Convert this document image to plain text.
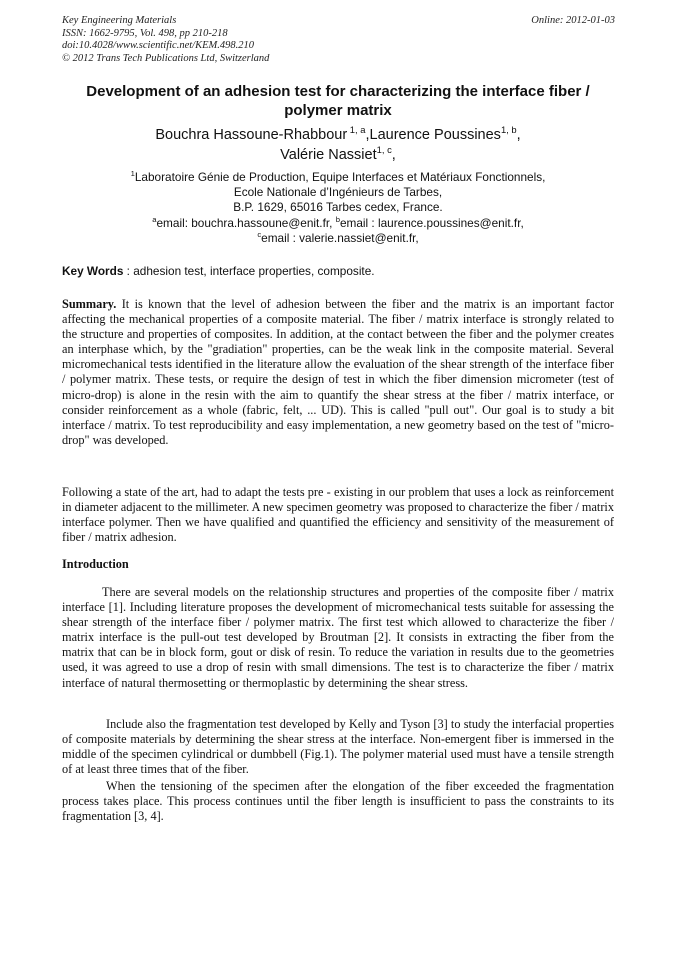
Key Engineering Materials
ISSN: 1662-9795, Vol. 498, pp 210-218
doi:10.4028/www.scientific.net/KEM.498.210
© 2012 Trans Tech Publications Ltd, Switzerland
Online: 2012-01-03
Development of an adhesion test for characterizing the interface fiber / polymer matrix
Bouchra Hassoune-Rhabbour $^{1, a}$,Laurence Poussines$^{1, b}$,
Valérie Nassiet$^{1, c}$,
$^1$Laboratoire Génie de Production, Equipe Interfaces et Matériaux Fonctionnels,
Ecole Nationale d’Ingénieurs de Tarbes,
B.P. 1629, 65016 Tarbes cedex, France.
$^a$email: bouchra.hassoune@enit.fr, $^b$email : laurence.poussines@enit.fr,
$^c$email : valerie.nassiet@enit.fr,
Key Words : adhesion test, interface properties, composite.
Summary. It is known that the level of adhesion between the fiber and the matrix is an important factor affecting the mechanical properties of a composite material. The fiber / matrix interface is strongly related to the structure and properties of composites. In addition, at the contact between the fiber and the polymer creates an interphase which, by the "gradiation" properties, can be the weak link in the composite material. Several micromechanical tests identified in the literature allow the evaluation of the shear strength of the interface fiber / polymer matrix. These tests, or require the design of test in which the fiber dimension micrometer (test of micro-drop) is alone in the resin with the aim to quantify the shear stress at the fiber / matrix interface, or consider reinforcement as a whole (fabric, felt, ... UD). This is called "pull out". Our goal is to study a bit interface / matrix. To test reproducibility and easy implementation, a new geometry based on the test of "micro-drop" was developed.
Following a state of the art, had to adapt the tests pre - existing in our problem that uses a lock as reinforcement in diameter adjacent to the millimeter. A new specimen geometry was proposed to characterize the fiber / matrix interface polymer. Then we have qualified and quantified the efficiency and sensitivity of the measurement of fiber / matrix adhesion.
Introduction
There are several models on the relationship structures and properties of the composite fiber / matrix interface [1]. Including literature proposes the development of micromechanical tests suitable for assessing the shear strength of the interface fiber / polymer matrix. The first test which allowed to characterize the fiber / matrix interface is the pull-out test developed by Broutman [2]. It consists in extracting the fiber from the matrix that can be in block form, gout or disk of resin. To reduce the variation in results due to the geometries used, it was agreed to use a drop of resin with small dimensions. The test is to characterize the fiber / matrix interface of natural thermosetting or thermoplastic by determining the shear stress.
Include also the fragmentation test developed by Kelly and Tyson [3] to study the interfacial properties of composite materials by determining the shear stress at the interface. Non-emergent fiber is immersed in the middle of the specimen cylindrical or dumbbell (Fig.1). The polymer material used must have a tensile strength of at least three times that of the fiber.
When the tensioning of the specimen after the elongation of the fiber exceeded the fragmentation process takes place. This process continues until the fiber length is insufficient to pass the constraints to its fragmentation [3, 4].
